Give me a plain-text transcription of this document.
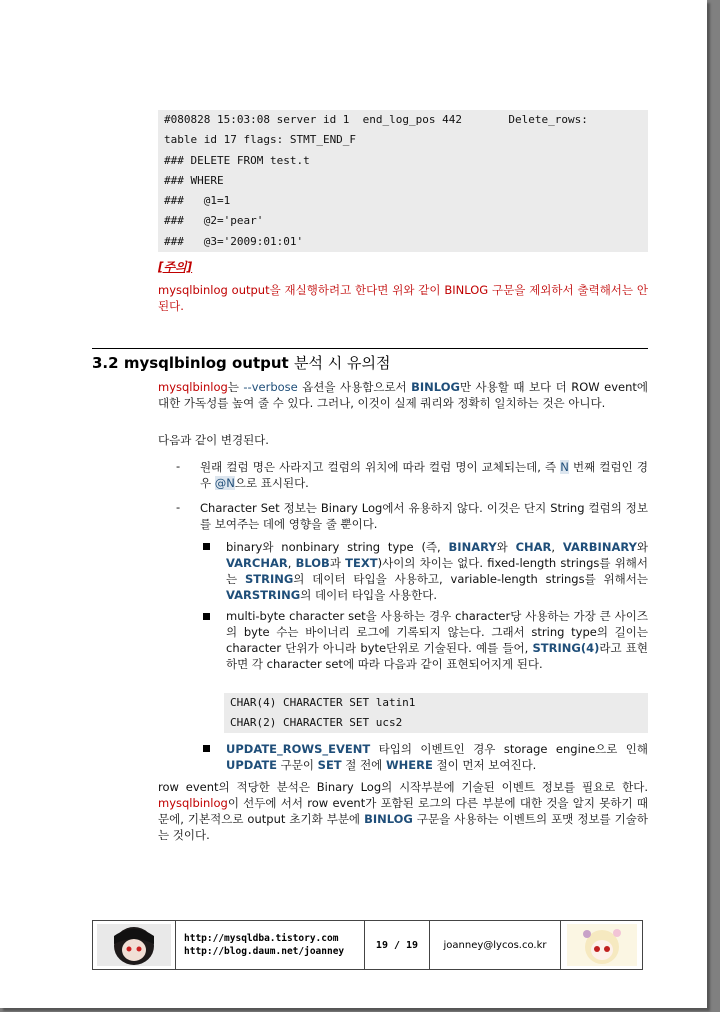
#080828 15:03:08 server id 1  end_log_pos 442       Delete_rows:
table id 17 flags: STMT_END_F
### DELETE FROM test.t
### WHERE
###   @1=1
###   @2='pear'
###   @3='2009:01:01'
[주의]
mysqlbinlog output을 재실행하려고 한다면 위와 같이 BINLOG 구문을 제외하서 출력해서는 안된다.
3.2 mysqlbinlog output 분석 시 유의점
mysqlbinlog는 --verbose 옵션을 사용함으로서 BINLOG만 사용할 때 보다 더 ROW event에 대한 가독성를 높여 줄 수 있다. 그러나, 이것이 실제 쿼리와 정확히 일치하는 것은 아니다.
다음과 같이 변경된다.
- 원래 컬럼 명은 사라지고 컬럼의 위치에 따라 컬럼 명이 교체되는데, 즉 N 번째 컬럼인 경우 @N으로 표시된다.
- Character Set 정보는 Binary Log에서 유용하지 않다. 이것은 단지 String 컬럼의 정보를 보여주는 데에 영향을 줄 뿐이다.
binary와 nonbinary string type (즉, BINARY와 CHAR, VARBINARY와 VARCHAR, BLOB과 TEXT)사이의 차이는 없다. fixed-length strings를 위해서는 STRING의 데이터 타입을 사용하고, variable-length strings를 위해서는 VARSTRING의 데이터 타입을 사용한다.
multi-byte character set을 사용하는 경우 character당 사용하는 가장 큰 사이즈의 byte 수는 바이너리 로그에 기록되지 않는다. 그래서 string type의 길이는 character 단위가 아니라 byte단위로 기술된다. 예를 들어, STRING(4)라고 표현하면 각 character set에 따라 다음과 같이 표현되어지게 된다.
CHAR(4) CHARACTER SET latin1
CHAR(2) CHARACTER SET ucs2
UPDATE_ROWS_EVENT 타입의 이벤트인 경우 storage engine으로 인해 UPDATE 구문이 SET 절 전에 WHERE 절이 먼저 보여진다.
row event의 적당한 분석은 Binary Log의 시작부분에 기술된 이벤트 정보를 필요로 한다. mysqlbinlog이 선두에 서서 row event가 포함된 로그의 다른 부분에 대한 것을 알지 못하기 때문에, 기본적으로 output 초기화 부분에 BINLOG 구문을 사용하는 이벤트의 포맷 정보를 기술하는 것이다.
http://mysqldba.tistory.com
http://blog.daum.net/joanney
19 / 19	joanney@lycos.co.kr
